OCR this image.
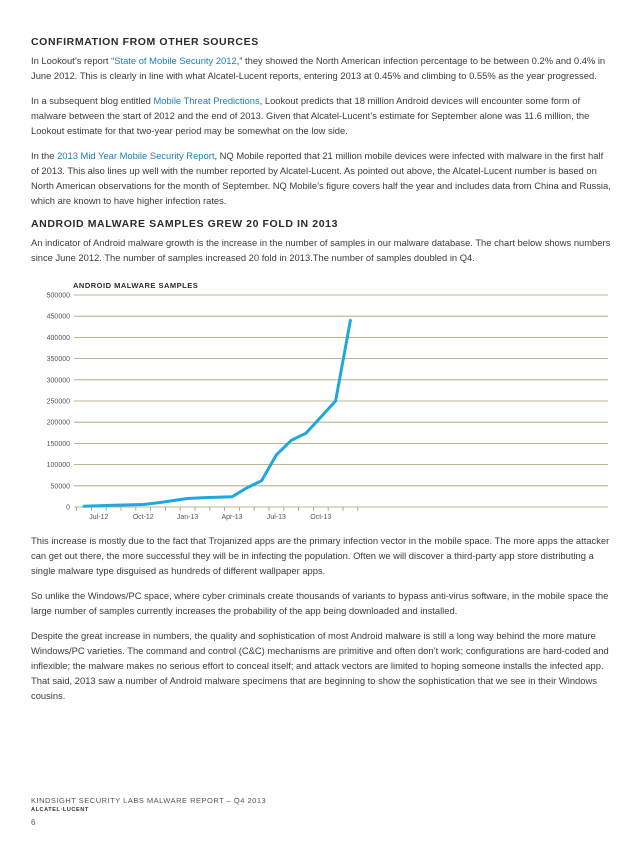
CONFIRMATION FROM OTHER SOURCES

In Lookout’s report “State of Mobile Security 2012,” they showed the North American infection percentage to be between 0.2% and 0.4% in June 2012. This is clearly in line with what Alcatel-Lucent reports, entering 2013 at 0.45% and climbing to 0.55% as the year progressed.

In a subsequent blog entitled Mobile Threat Predictions, Lookout predicts that 18 million Android devices will encounter some form of malware between the start of 2012 and the end of 2013. Given that Alcatel-Lucent’s estimate for September alone was 11.6 million, the Lookout estimate for that two-year period may be somewhat on the low side.

In the 2013 Mid Year Mobile Security Report, NQ Mobile reported that 21 million mobile devices were infected with malware in the first half of 2013. This also lines up well with the number reported by Alcatel-Lucent. As pointed out above, the Alcatel-Lucent number is based on North American observations for the month of September. NQ Mobile’s figure covers half the year and includes data from China and Russia, which are known to have higher infection rates.

ANDROID MALWARE SAMPLES GREW 20 FOLD IN 2013

An indicator of Android malware growth is the increase in the number of samples in our malware database. The chart below shows numbers since June 2012. The number of samples increased 20 fold in 2013.The number of samples doubled in Q4.

ANDROID MALWARE SAMPLES
0
50000
100000
150000
200000
250000
300000
350000
400000
450000
500000
Jul-12	Oct-12	Jan-13	Apr-13	Jul-13	Oct-13

This increase is mostly due to the fact that Trojanized apps are the primary infection vector in the mobile space. The more apps the attacker can get out there, the more successful they will be in infecting the population. Often we will discover a third-party app store distributing a single malware type disguised as hundreds of different wallpaper apps.

So unlike the Windows/PC space, where cyber criminals create thousands of variants to bypass anti-virus software, in the mobile space the large number of samples currently increases the probability of the app being downloaded and installed.

Despite the great increase in numbers, the quality and sophistication of most Android malware is still a long way behind the more mature Windows/PC varieties. The command and control (C&C) mechanisms are primitive and often don’t work; configurations are hard-coded and inflexible; the malware makes no serious effort to conceal itself; and attack vectors are limited to hoping someone installs the infected app. That said, 2013 saw a number of Android malware specimens that are beginning to show the sophistication that we see in their Windows cousins.

KINDSIGHT SECURITY LABS MALWARE REPORT – Q4 2013
ALCATEL·LUCENT
6
